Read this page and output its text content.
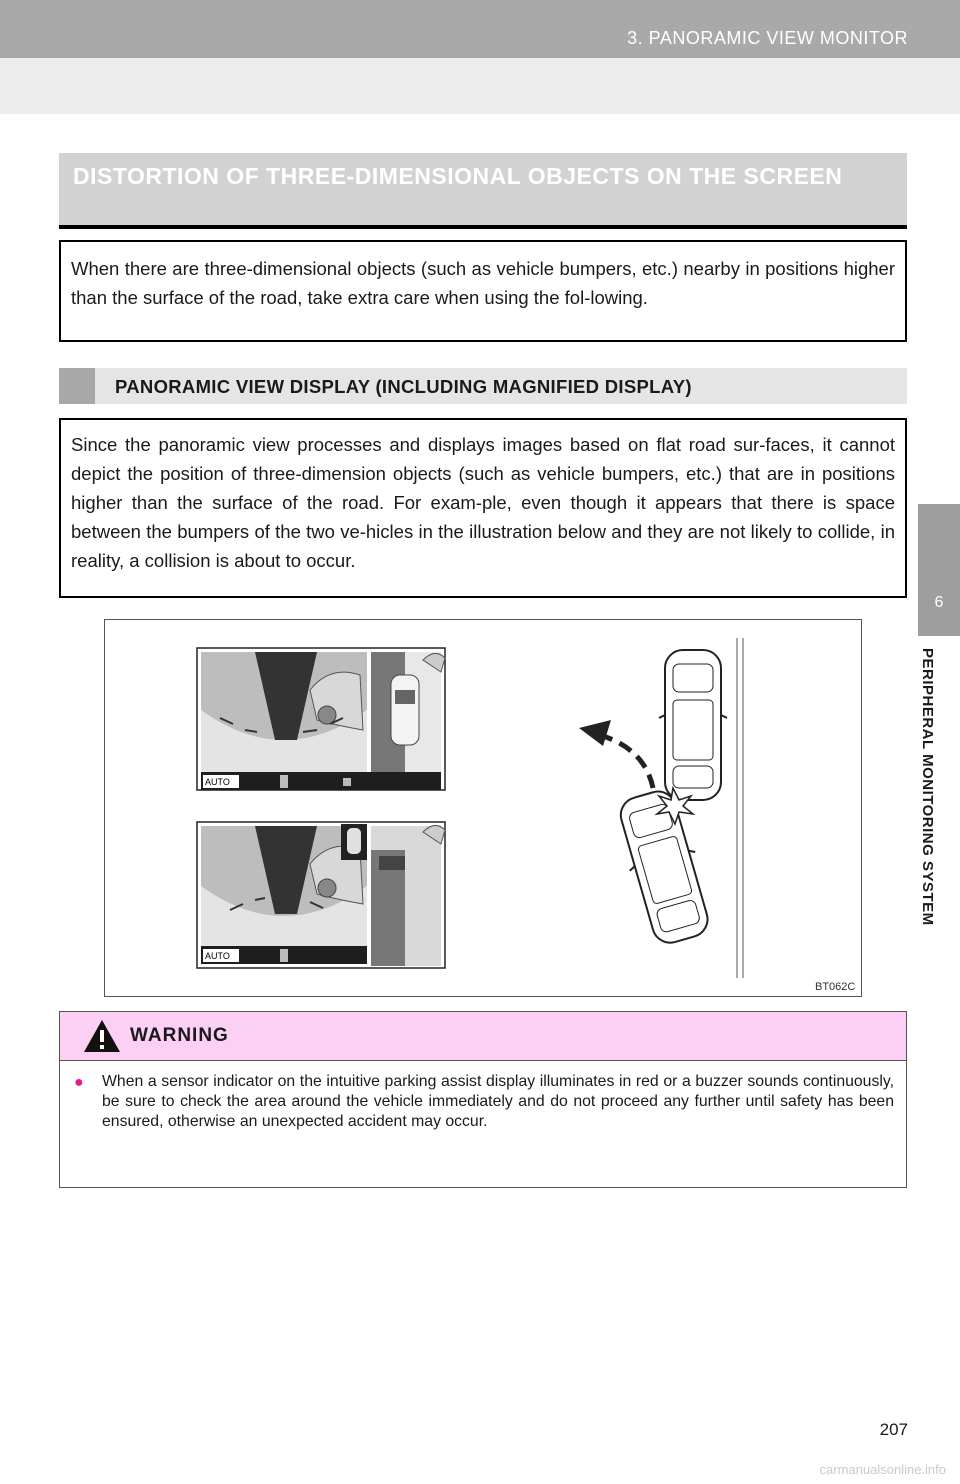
3. PANORAMIC VIEW MONITOR
6
PERIPHERAL MONITORING SYSTEM
DISTORTION OF THREE-DIMENSIONAL OBJECTS ON THE SCREEN
When there are three-dimensional objects (such as vehicle bumpers, etc.) nearby in positions higher than the surface of the road, take extra care when using the fol-lowing.
PANORAMIC VIEW DISPLAY (INCLUDING MAGNIFIED DISPLAY)
Since the panoramic view processes and displays images based on flat road sur-faces, it cannot depict the position of three-dimension objects (such as vehicle bumpers, etc.) that are in positions higher than the surface of the road. For exam-ple, even though it appears that there is space between the bumpers of the two ve-hicles in the illustration below and they are not likely to collide, in reality, a collision is about to occur.
AUTO
AUTO
BT062C
WARNING
● When a sensor indicator on the intuitive parking assist display illuminates in red or a buzzer sounds continuously, be sure to check the area around the vehicle immediately and do not proceed any further until safety has been ensured, otherwise an unexpected accident may occur.
207
carmanualsonline.info
